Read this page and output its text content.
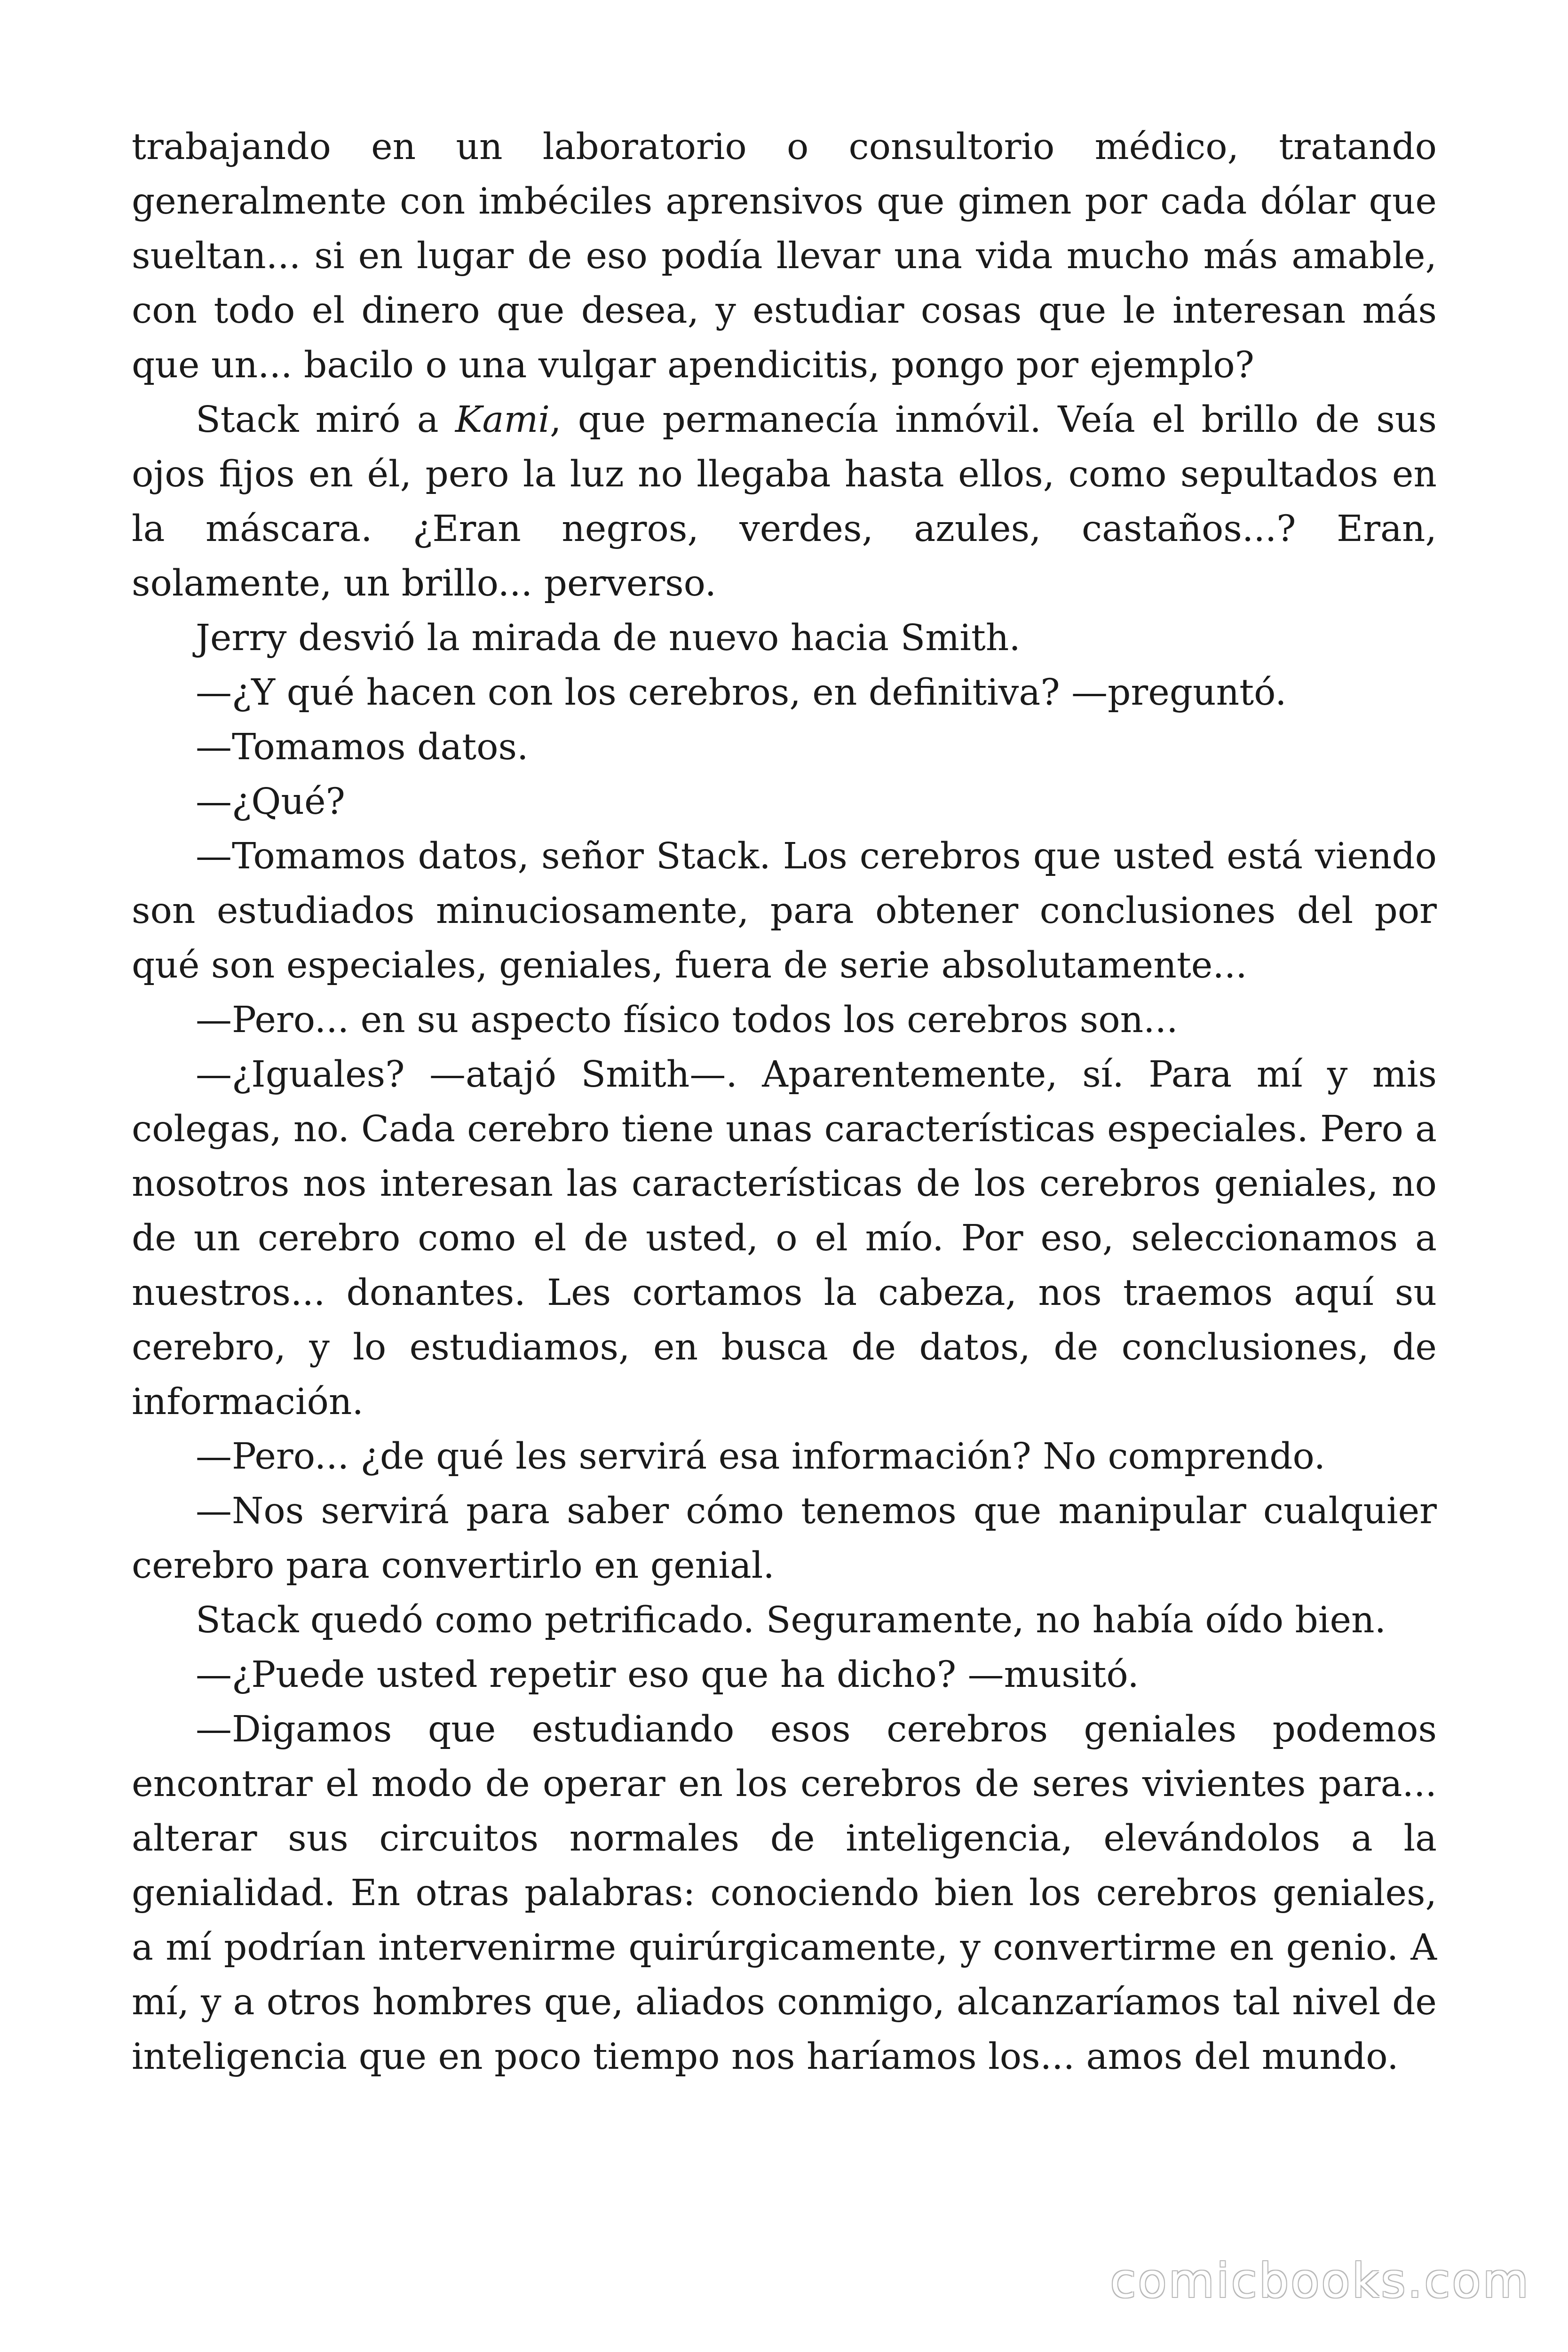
trabajando en un laboratorio o consultorio médico, tratando generalmente con imbéciles aprensivos que gimen por cada dólar que sueltan... si en lugar de eso podía llevar una vida mucho más amable, con todo el dinero que desea, y estudiar cosas que le interesan más que un... bacilo o una vulgar apendicitis, pongo por ejemplo?

Stack miró a Kami, que permanecía inmóvil. Veía el brillo de sus ojos fijos en él, pero la luz no llegaba hasta ellos, como sepultados en la máscara. ¿Eran negros, verdes, azules, castaños...? Eran, solamente, un brillo... perverso.

Jerry desvió la mirada de nuevo hacia Smith.

—¿Y qué hacen con los cerebros, en definitiva? —preguntó.

—Tomamos datos.

—¿Qué?

—Tomamos datos, señor Stack. Los cerebros que usted está viendo son estudiados minuciosamente, para obtener conclusiones del por qué son especiales, geniales, fuera de serie absolutamente...

—Pero... en su aspecto físico todos los cerebros son...

—¿Iguales? —atajó Smith—. Aparentemente, sí. Para mí y mis colegas, no. Cada cerebro tiene unas características especiales. Pero a nosotros nos interesan las características de los cerebros geniales, no de un cerebro como el de usted, o el mío. Por eso, seleccionamos a nuestros... donantes. Les cortamos la cabeza, nos traemos aquí su cerebro, y lo estudiamos, en busca de datos, de conclusiones, de información.

—Pero... ¿de qué les servirá esa información? No comprendo.

—Nos servirá para saber cómo tenemos que manipular cualquier cerebro para convertirlo en genial.

Stack quedó como petrificado. Seguramente, no había oído bien.

—¿Puede usted repetir eso que ha dicho? —musitó.

—Digamos que estudiando esos cerebros geniales podemos encontrar el modo de operar en los cerebros de seres vivientes para... alterar sus circuitos normales de inteligencia, elevándolos a la genialidad. En otras palabras: conociendo bien los cerebros geniales, a mí podrían intervenirme quirúrgicamente, y convertirme en genio. A mí, y a otros hombres que, aliados conmigo, alcanzaríamos tal nivel de inteligencia que en poco tiempo nos haríamos los... amos del mundo.

comicbooks.com
